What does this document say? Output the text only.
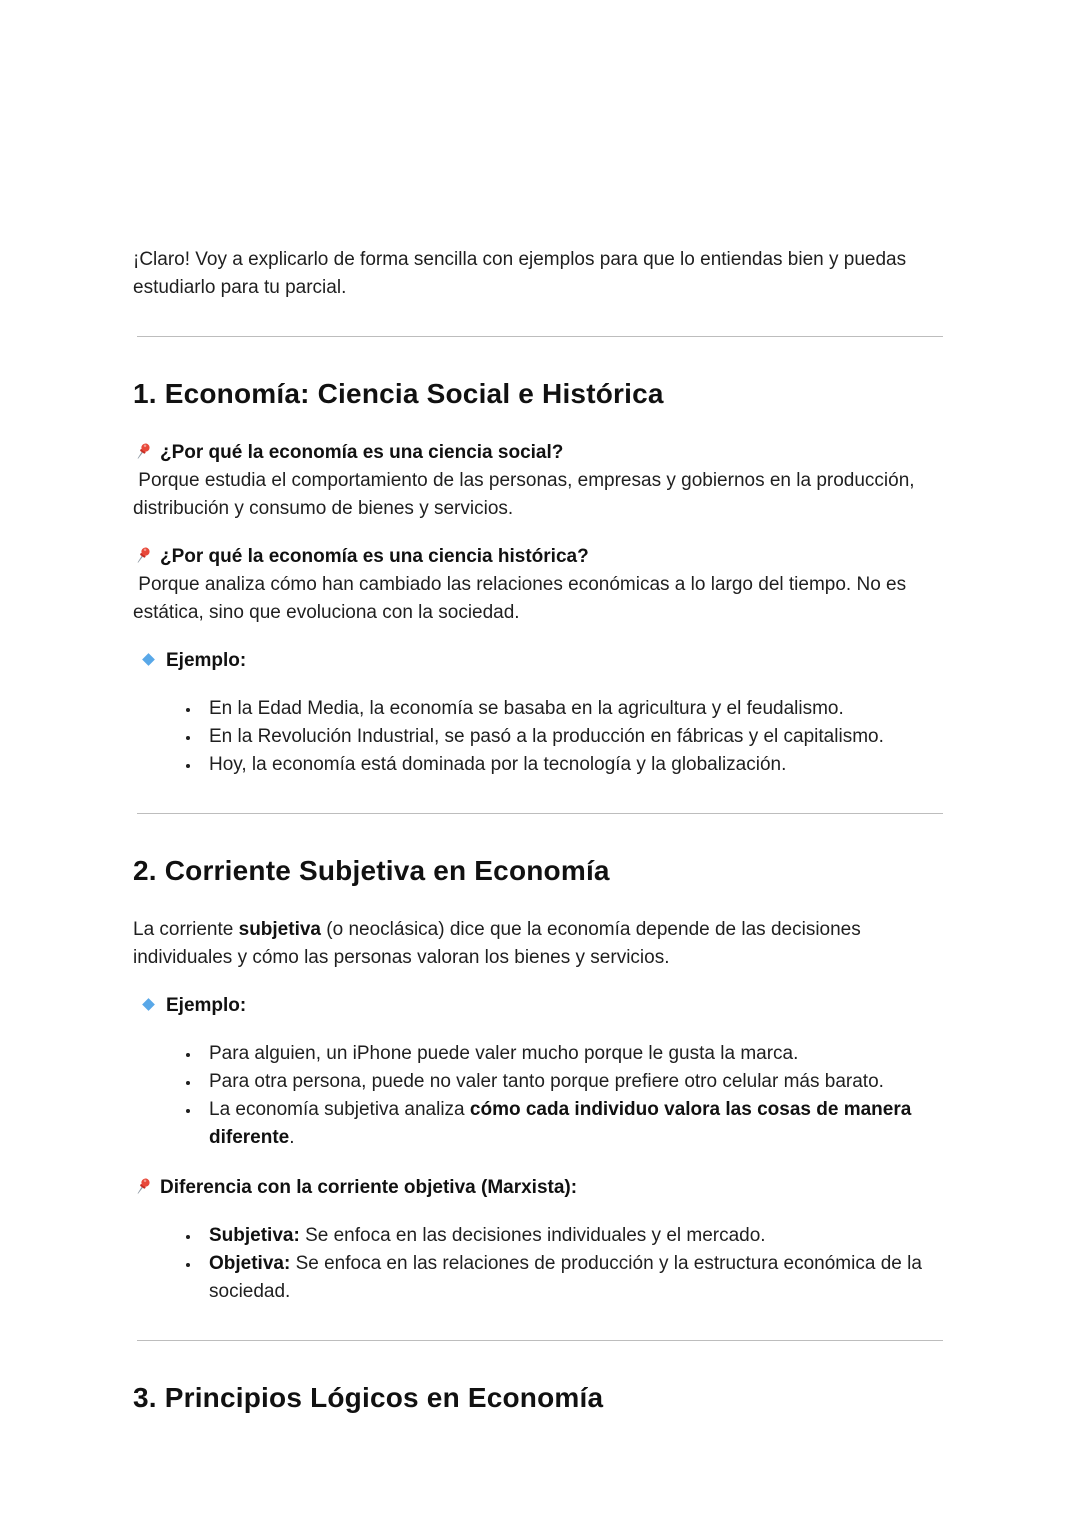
¡Claro! Voy a explicarlo de forma sencilla con ejemplos para que lo entiendas bien y puedas estudiarlo para tu parcial.

1. Economía: Ciencia Social e Histórica
¿Por qué la economía es una ciencia social?
Porque estudia el comportamiento de las personas, empresas y gobiernos en la producción, distribución y consumo de bienes y servicios.
¿Por qué la economía es una ciencia histórica?
Porque analiza cómo han cambiado las relaciones económicas a lo largo del tiempo. No es estática, sino que evoluciona con la sociedad.

Ejemplo:

• En la Edad Media, la economía se basaba en la agricultura y el feudalismo.
• En la Revolución Industrial, se pasó a la producción en fábricas y el capitalismo.
• Hoy, la economía está dominada por la tecnología y la globalización.
2. Corriente Subjetiva en Economía

La corriente subjetiva (o neoclásica) dice que la economía depende de las decisiones individuales y cómo las personas valoran los bienes y servicios.

Ejemplo:

• Para alguien, un iPhone puede valer mucho porque le gusta la marca.
• Para otra persona, puede no valer tanto porque prefiere otro celular más barato.
• La economía subjetiva analiza cómo cada individuo valora las cosas de manera diferente.

Diferencia con la corriente objetiva (Marxista):

• Subjetiva: Se enfoca en las decisiones individuales y el mercado.
• Objetiva: Se enfoca en las relaciones de producción y la estructura económica de la sociedad.
3. Principios Lógicos en Economía
